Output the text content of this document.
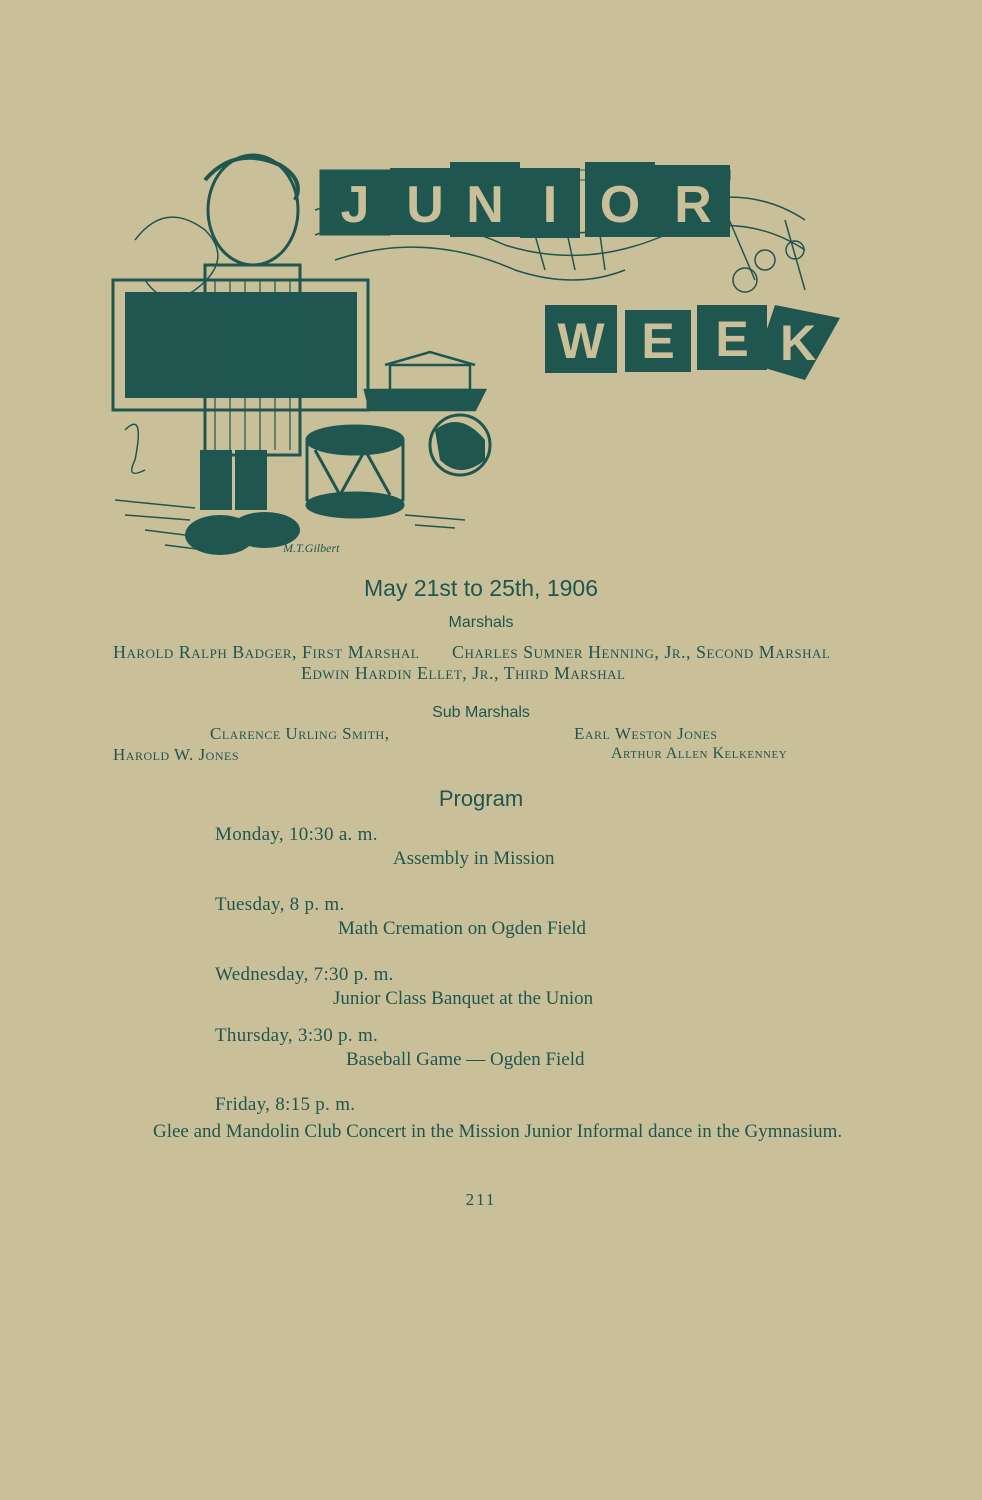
J U N I O R
W E E K
M.T.Gilbert
May 21st to 25th, 1906
Marshals
Harold Ralph Badger, First Marshal Charles Sumner Henning, Jr., Second Marshal
Edwin Hardin Ellet, Jr., Third Marshal
Sub Marshals
Clarence Urling Smith,	Earl Weston Jones
Harold W. Jones	Arthur Allen Kelkenney
Program
Monday, 10:30 a. m.
Assembly in Mission
Tuesday, 8 p. m.
Math Cremation on Ogden Field
Wednesday, 7:30 p. m.
Junior Class Banquet at the Union
Thursday, 3:30 p. m.
Baseball Game — Ogden Field
Friday, 8:15 p. m.
Glee and Mandolin Club Concert in the Mission Junior Informal dance in the Gymnasium.
211
